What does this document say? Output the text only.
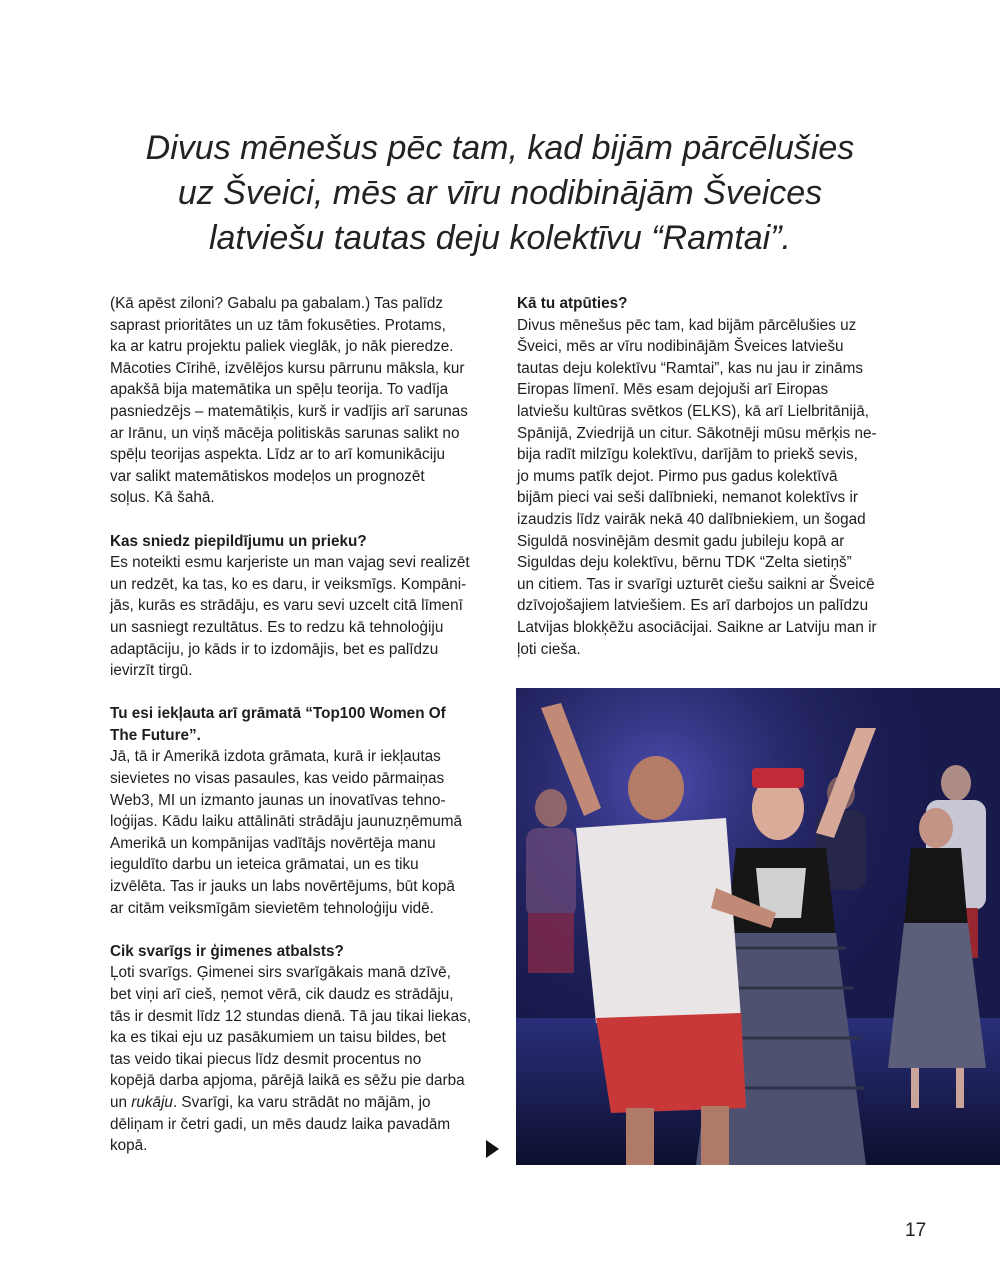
Divus mēnešus pēc tam, kad bijām pārcēlušies
uz Šveici, mēs ar vīru nodibinājām Šveices
latviešu tautas deju kolektīvu “Ramtai”.
(Kā apēst ziloni? Gabalu pa gabalam.) Tas palīdz
saprast prioritātes un uz tām fokusēties. Protams,
ka ar katru projektu paliek vieglāk, jo nāk pieredze.
Mācoties Cīrihē, izvēlējos kursu pārrunu māksla, kur
apakšā bija matemātika un spēļu teorija. To vadīja
pasniedzējs – matemātiķis, kurš ir vadījis arī sarunas
ar Irānu, un viņš mācēja politiskās sarunas salikt no
spēļu teorijas aspekta. Līdz ar to arī komunikāciju
var salikt matemātiskos modeļos un prognozēt
soļus. Kā šahā.
Kas sniedz piepildījumu un prieku?
Es noteikti esmu karjeriste un man vajag sevi realizēt
un redzēt, ka tas, ko es daru, ir veiksmīgs. Kompāni-
jās, kurās es strādāju, es varu sevi uzcelt citā līmenī
un sasniegt rezultātus. Es to redzu kā tehnoloģiju
adaptāciju, jo kāds ir to izdomājis, bet es palīdzu
ievirzīt tirgū.
Tu esi iekļauta arī grāmatā “Top100 Women Of
The Future”.
Jā, tā ir Amerikā izdota grāmata, kurā ir iekļautas
sievietes no visas pasaules, kas veido pārmaiņas
Web3, MI un izmanto jaunas un inovatīvas tehno-
loģijas. Kādu laiku attālināti strādāju jaunuzņēmumā
Amerikā un kompānijas vadītājs novērtēja manu
ieguldīto darbu un ieteica grāmatai, un es tiku
izvēlēta. Tas ir jauks un labs novērtējums, būt kopā
ar citām veiksmīgām sievietēm tehnoloģiju vidē.
Cik svarīgs ir ģimenes atbalsts?
Ļoti svarīgs. Ģimenei sirs svarīgākais manā dzīvē,
bet viņi arī cieš, ņemot vērā, cik daudz es strādāju,
tās ir desmit līdz 12 stundas dienā. Tā jau tikai liekas,
ka es tikai eju uz pasākumiem un taisu bildes, bet
tas veido tikai piecus līdz desmit procentus no
kopējā darba apjoma, pārējā laikā es sēžu pie darba
un rukāju. Svarīgi, ka varu strādāt no mājām, jo
dēliņam ir četri gadi, un mēs daudz laika pavadām
kopā.
Kā tu atpūties?
Divus mēnešus pēc tam, kad bijām pārcēlušies uz
Šveici, mēs ar vīru nodibinājām Šveices latviešu
tautas deju kolektīvu “Ramtai”, kas nu jau ir zināms
Eiropas līmenī. Mēs esam dejojuši arī Eiropas
latviešu kultūras svētkos (ELKS), kā arī Lielbritānijā,
Spānijā, Zviedrijā un citur. Sākotnēji mūsu mērķis ne-
bija radīt milzīgu kolektīvu, darījām to priekš sevis,
jo mums patīk dejot. Pirmo pus gadus kolektīvā
bijām pieci vai seši dalībnieki, nemanot kolektīvs ir
izaudzis līdz vairāk nekā 40 dalībniekiem, un šogad
Siguldā nosvinējām desmit gadu jubileju kopā ar
Siguldas deju kolektīvu, bērnu TDK “Zelta sietiņš”
un citiem. Tas ir svarīgi uzturēt ciešu saikni ar Šveicē
dzīvojošajiem latviešiem. Es arī darbojos un palīdzu
Latvijas blokķēžu asociācijai. Saikne ar Latviju man ir
ļoti cieša.
17
